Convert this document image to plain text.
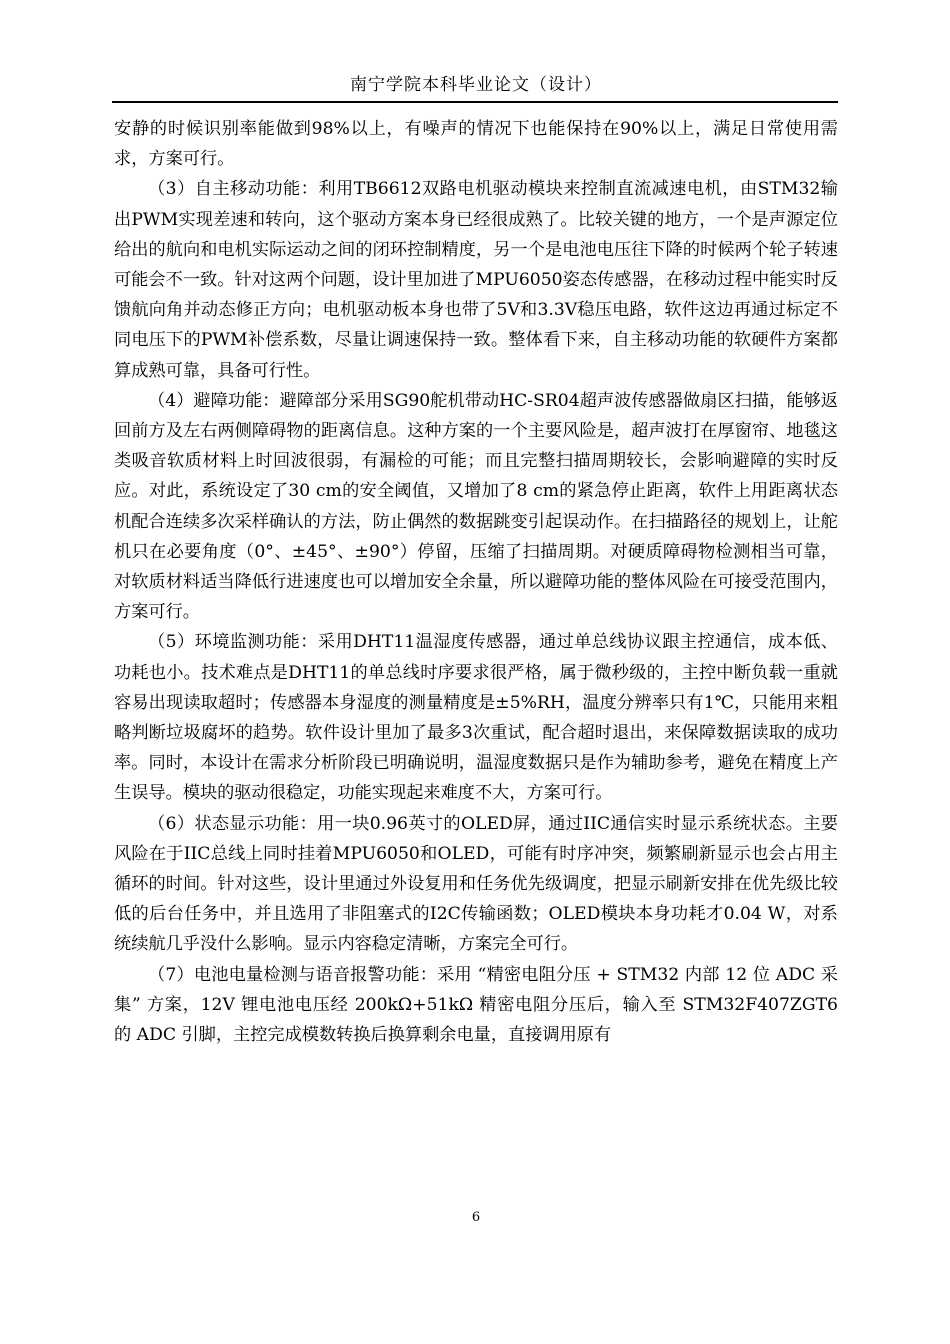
南宁学院本科毕业论文（设计）

安静的时候识别率能做到98%以上，有噪声的情况下也能保持在90%以上，满足日常使用需求，方案可行。

（3）自主移动功能：利用TB6612双路电机驱动模块来控制直流减速电机，由STM32输出PWM实现差速和转向，这个驱动方案本身已经很成熟了。比较关键的地方，一个是声源定位给出的航向和电机实际运动之间的闭环控制精度，另一个是电池电压往下降的时候两个轮子转速可能会不一致。针对这两个问题，设计里加进了MPU6050姿态传感器，在移动过程中能实时反馈航向角并动态修正方向；电机驱动板本身也带了5V和3.3V稳压电路，软件这边再通过标定不同电压下的PWM补偿系数，尽量让调速保持一致。整体看下来，自主移动功能的软硬件方案都算成熟可靠，具备可行性。

（4）避障功能：避障部分采用SG90舵机带动HC-SR04超声波传感器做扇区扫描，能够返回前方及左右两侧障碍物的距离信息。这种方案的一个主要风险是，超声波打在厚窗帘、地毯这类吸音软质材料上时回波很弱，有漏检的可能；而且完整扫描周期较长，会影响避障的实时反应。对此，系统设定了30 cm的安全阈值，又增加了8 cm的紧急停止距离，软件上用距离状态机配合连续多次采样确认的方法，防止偶然的数据跳变引起误动作。在扫描路径的规划上，让舵机只在必要角度（0°、±45°、±90°）停留，压缩了扫描周期。对硬质障碍物检测相当可靠，对软质材料适当降低行进速度也可以增加安全余量，所以避障功能的整体风险在可接受范围内，方案可行。

（5）环境监测功能：采用DHT11温湿度传感器，通过单总线协议跟主控通信，成本低、功耗也小。技术难点是DHT11的单总线时序要求很严格，属于微秒级的，主控中断负载一重就容易出现读取超时；传感器本身湿度的测量精度是±5%RH，温度分辨率只有1℃，只能用来粗略判断垃圾腐坏的趋势。软件设计里加了最多3次重试，配合超时退出，来保障数据读取的成功率。同时，本设计在需求分析阶段已明确说明，温湿度数据只是作为辅助参考，避免在精度上产生误导。模块的驱动很稳定，功能实现起来难度不大，方案可行。

（6）状态显示功能：用一块0.96英寸的OLED屏，通过IIC通信实时显示系统状态。主要风险在于IIC总线上同时挂着MPU6050和OLED，可能有时序冲突，频繁刷新显示也会占用主循环的时间。针对这些，设计里通过外设复用和任务优先级调度，把显示刷新安排在优先级比较低的后台任务中，并且选用了非阻塞式的I2C传输函数；OLED模块本身功耗才0.04 W，对系统续航几乎没什么影响。显示内容稳定清晰，方案完全可行。

（7）电池电量检测与语音报警功能：采用 “精密电阻分压 + STM32 内部 12 位 ADC 采集” 方案，12V 锂电池电压经 200kΩ+51kΩ 精密电阻分压后，输入至 STM32F407ZGT6 的 ADC 引脚，主控完成模数转换后换算剩余电量，直接调用原有

6
